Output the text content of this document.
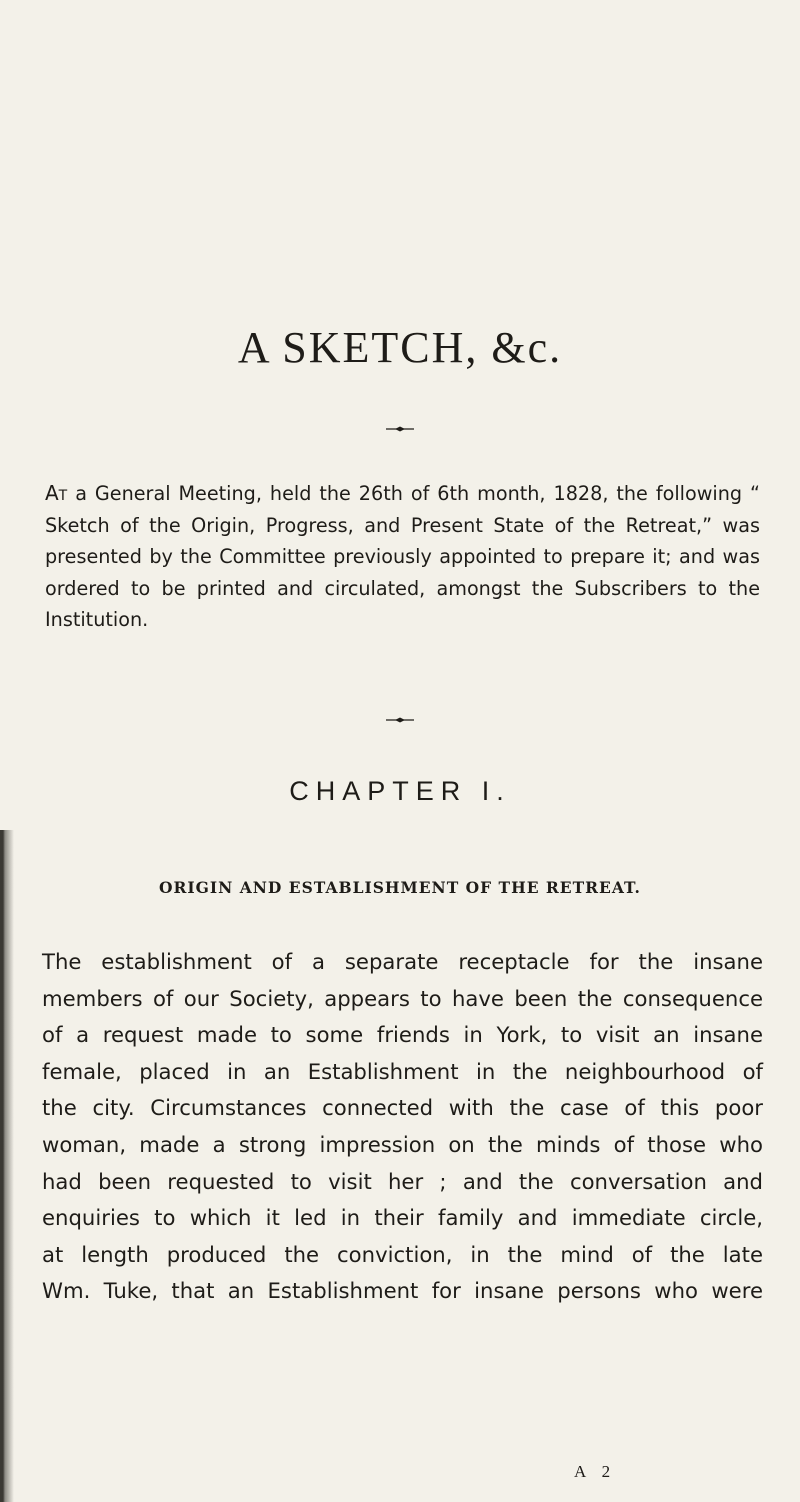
A SKETCH, &c.

At a General Meeting, held the 26th of 6th month, 1828, the following “ Sketch of the Origin, Progress, and Present State of the Retreat,” was presented by the Committee previously appointed to prepare it; and was ordered to be printed and circulated, amongst the Subscribers to the Institution.

CHAPTER I.
ORIGIN AND ESTABLISHMENT OF THE RETREAT.
The establishment of a separate receptacle for the insane
members of our Society, appears to have been the consequence
of a request made to some friends in York, to visit an insane
female, placed in an Establishment in the neighbourhood of
the city. Circumstances connected with the case of this poor
woman, made a strong impression on the minds of those who
had been requested to visit her ; and the conversation and
enquiries to which it led in their family and immediate circle,
at length produced the conviction, in the mind of the late
Wm. Tuke, that an Establishment for insane persons who were
A 2
